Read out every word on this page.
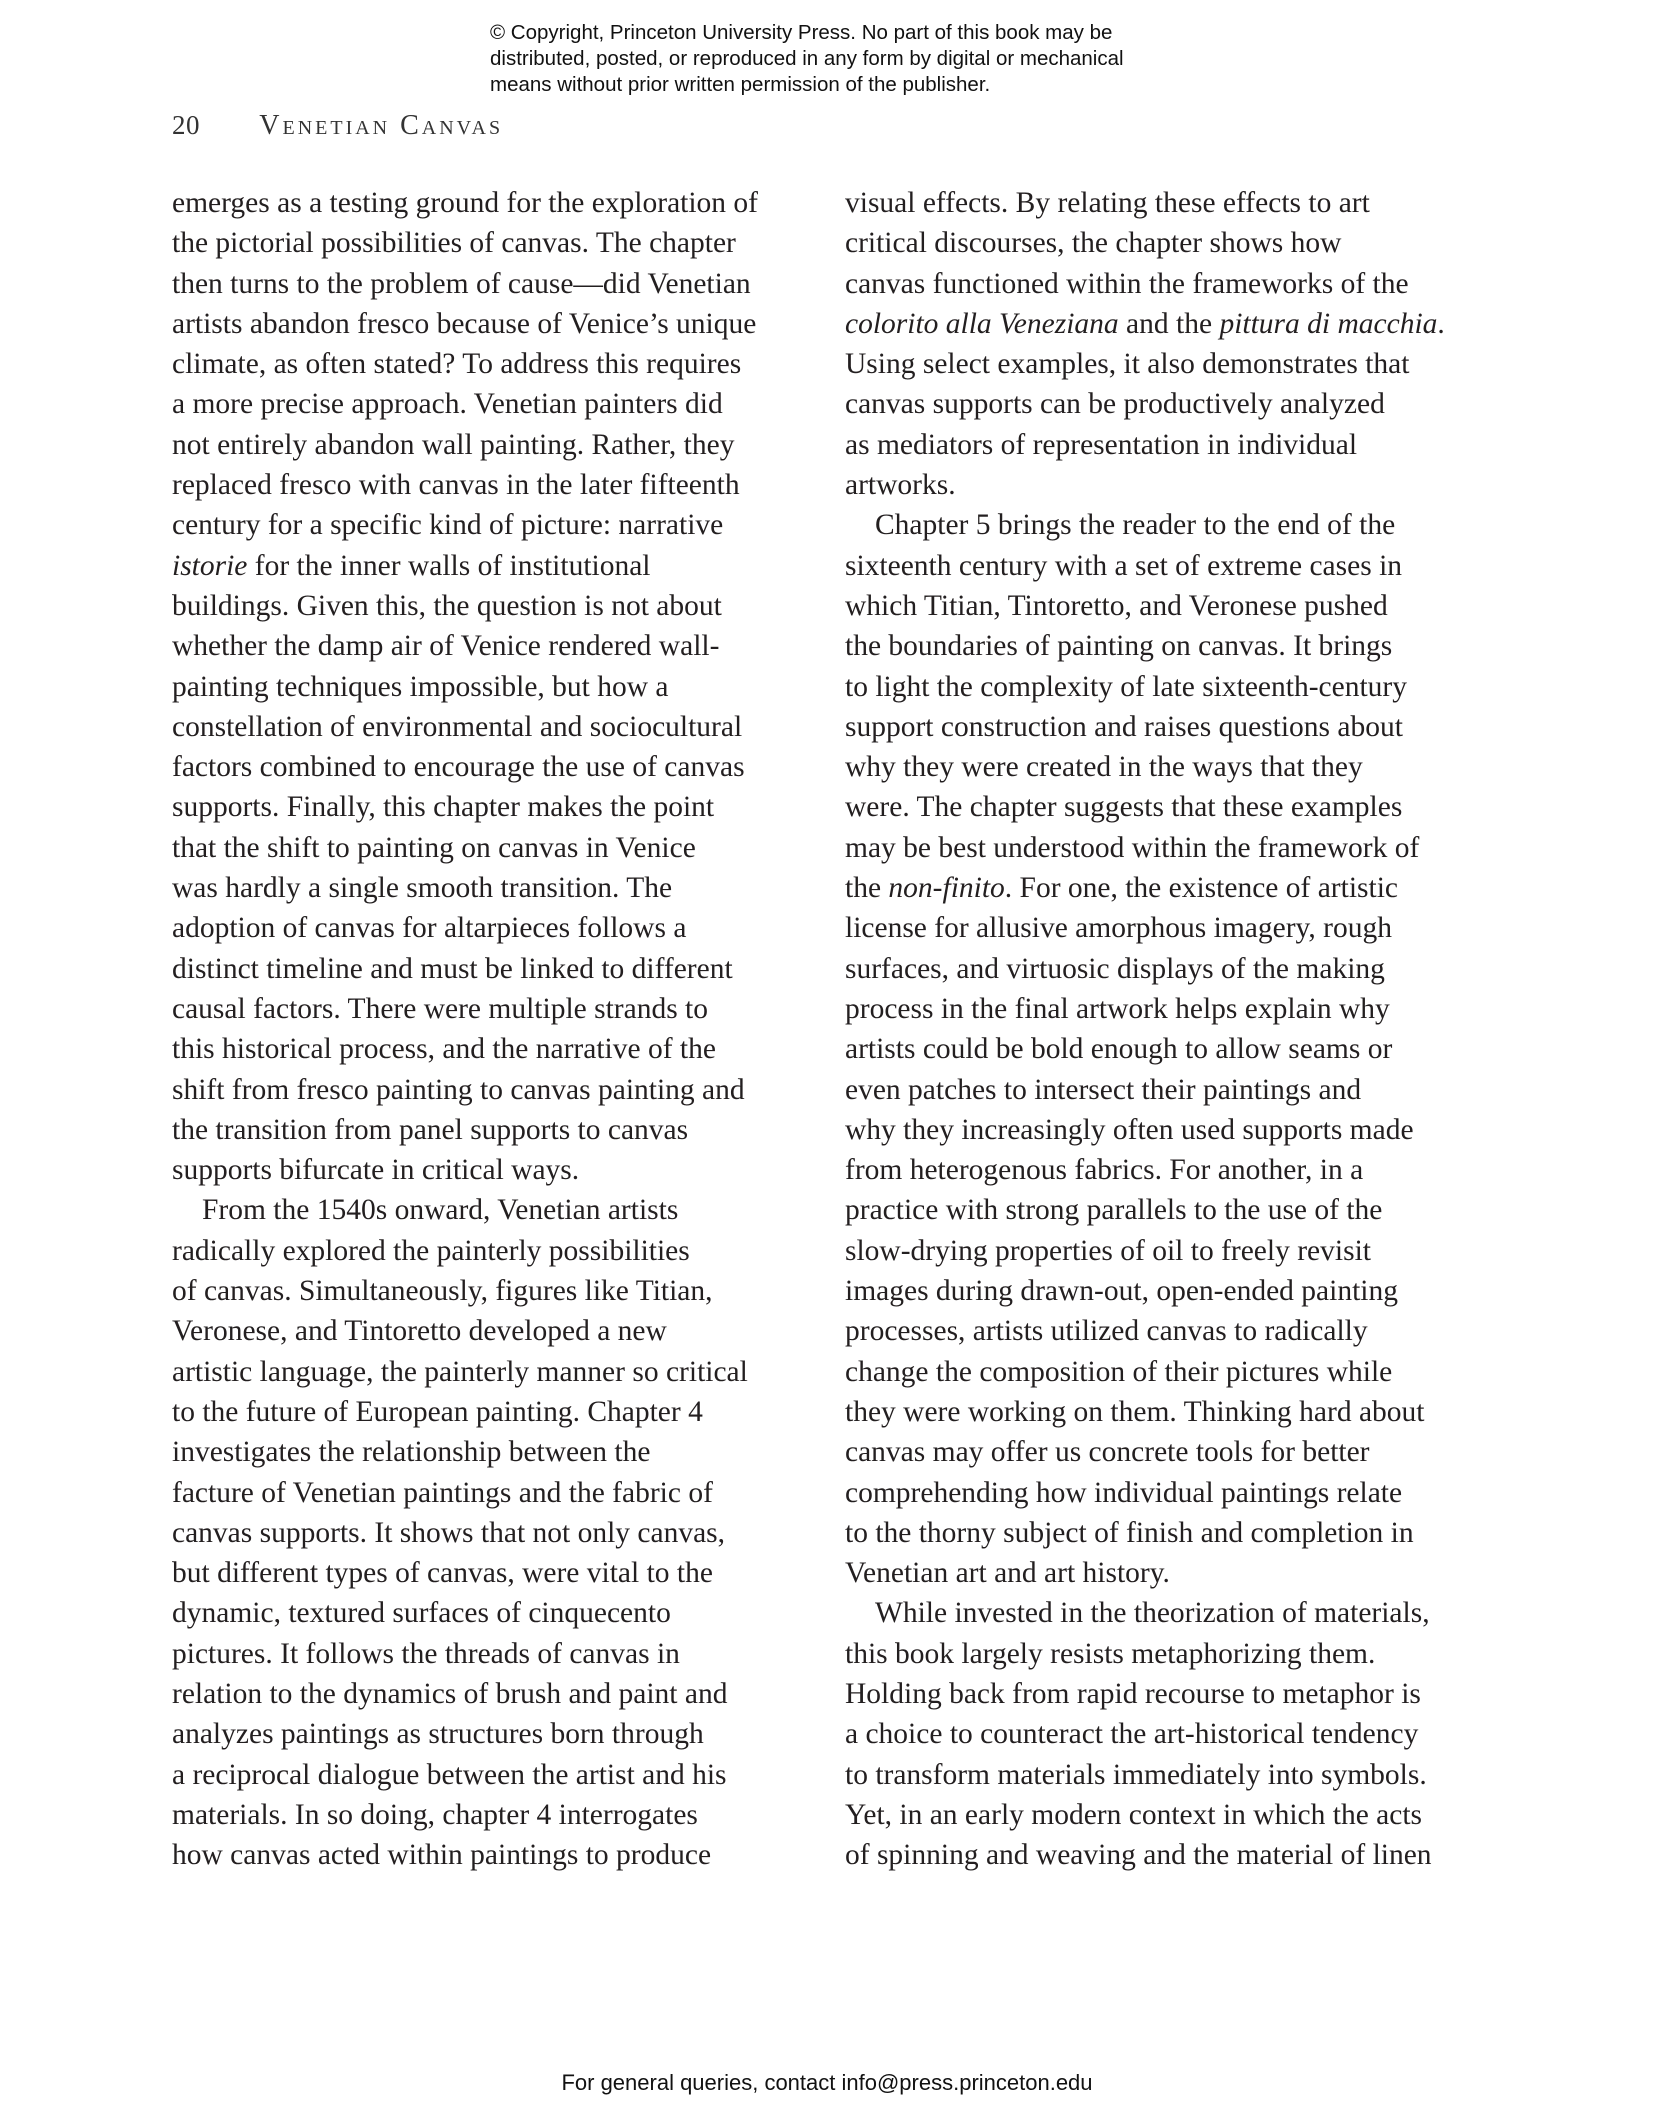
© Copyright, Princeton University Press. No part of this book may be
distributed, posted, or reproduced in any form by digital or mechanical
means without prior written permission of the publisher.
20 Venetian Canvas
emerges as a testing ground for the exploration of
the pictorial possibilities of canvas. The chapter
then turns to the problem of cause—did Venetian
artists abandon fresco because of Venice’s unique
climate, as often stated? To address this requires
a more precise approach. Venetian painters did
not entirely abandon wall painting. Rather, they
replaced fresco with canvas in the later fifteenth
century for a specific kind of picture: narrative
istorie for the inner walls of institutional
buildings. Given this, the question is not about
whether the damp air of Venice rendered wall-
painting techniques impossible, but how a
constellation of environmental and sociocultural
factors combined to encourage the use of canvas
supports. Finally, this chapter makes the point
that the shift to painting on canvas in Venice
was hardly a single smooth transition. The
adoption of canvas for altarpieces follows a
distinct timeline and must be linked to different
causal factors. There were multiple strands to
this historical process, and the narrative of the
shift from fresco painting to canvas painting and
the transition from panel supports to canvas
supports bifurcate in critical ways.
From the 1540s onward, Venetian artists
radically explored the painterly possibilities
of canvas. Simultaneously, figures like Titian,
Veronese, and Tintoretto developed a new
artistic language, the painterly manner so critical
to the future of European painting. Chapter 4
investigates the relationship between the
facture of Venetian paintings and the fabric of
canvas supports. It shows that not only canvas,
but different types of canvas, were vital to the
dynamic, textured surfaces of cinquecento
pictures. It follows the threads of canvas in
relation to the dynamics of brush and paint and
analyzes paintings as structures born through
a reciprocal dialogue between the artist and his
materials. In so doing, chapter 4 interrogates
how canvas acted within paintings to produce
visual effects. By relating these effects to art
critical discourses, the chapter shows how
canvas functioned within the frameworks of the
colorito alla Veneziana and the pittura di macchia.
Using select examples, it also demonstrates that
canvas supports can be productively analyzed
as mediators of representation in individual
artworks.
Chapter 5 brings the reader to the end of the
sixteenth century with a set of extreme cases in
which Titian, Tintoretto, and Veronese pushed
the boundaries of painting on canvas. It brings
to light the complexity of late sixteenth-century
support construction and raises questions about
why they were created in the ways that they
were. The chapter suggests that these examples
may be best understood within the framework of
the non-finito. For one, the existence of artistic
license for allusive amorphous imagery, rough
surfaces, and virtuosic displays of the making
process in the final artwork helps explain why
artists could be bold enough to allow seams or
even patches to intersect their paintings and
why they increasingly often used supports made
from heterogenous fabrics. For another, in a
practice with strong parallels to the use of the
slow-drying properties of oil to freely revisit
images during drawn-out, open-ended painting
processes, artists utilized canvas to radically
change the composition of their pictures while
they were working on them. Thinking hard about
canvas may offer us concrete tools for better
comprehending how individual paintings relate
to the thorny subject of finish and completion in
Venetian art and art history.
While invested in the theorization of materials,
this book largely resists metaphorizing them.
Holding back from rapid recourse to metaphor is
a choice to counteract the art-historical tendency
to transform materials immediately into symbols.
Yet, in an early modern context in which the acts
of spinning and weaving and the material of linen
For general queries, contact info@press.princeton.edu
